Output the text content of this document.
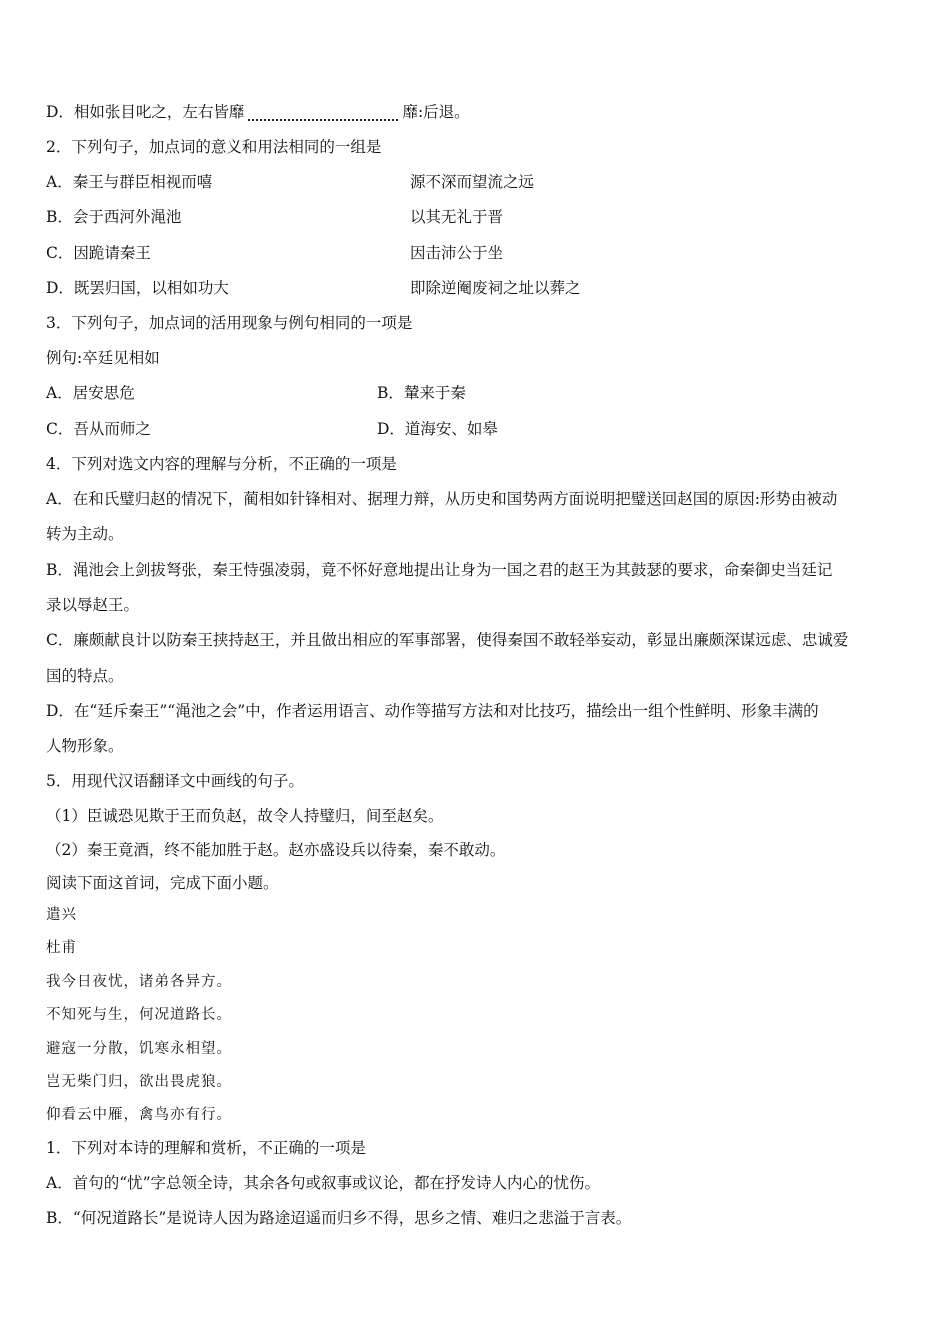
D．相如张目叱之，左右皆靡	靡:后退。
2．下列句子，加点词的意义和用法相同的一组是
A．秦王与群臣相视而嘻	源不深而望流之远
B．会于西河外渑池	以其无礼于晋
C．因跪请秦王	因击沛公于坐
D．既罢归国，以相如功大	即除逆阉废祠之址以葬之
3．下列句子，加点词的活用现象与例句相同的一项是
例句:卒廷见相如
A．居安思危	B．輦来于秦
C．吾从而师之	D．道海安、如皋
4．下列对选文内容的理解与分析，不正确的一项是
A．在和氏璧归赵的情况下，蔺相如针锋相对、据理力辩，从历史和国势两方面说明把璧送回赵国的原因:形势由被动
转为主动。
B．渑池会上剑拔弩张，秦王恃强凌弱，竟不怀好意地提出让身为一国之君的赵王为其鼓瑟的要求，命秦御史当廷记
录以辱赵王。
C．廉颇献良计以防秦王挟持赵王，并且做出相应的军事部署，使得秦国不敢轻举妄动，彰显出廉颇深谋远虑、忠诚爱
国的特点。
D．在“廷斥秦王”“渑池之会”中，作者运用语言、动作等描写方法和对比技巧，描绘出一组个性鲜明、形象丰满的
人物形象。
5．用现代汉语翻译文中画线的句子。
（1）臣诚恐见欺于王而负赵，故令人持璧归，间至赵矣。
（2）秦王竟酒，终不能加胜于赵。赵亦盛设兵以待秦，秦不敢动。
阅读下面这首词，完成下面小题。
遣兴
杜甫
我今日夜忧，诸弟各异方。
不知死与生，何况道路长。
避寇一分散，饥寒永相望。
岂无柴门归，欲出畏虎狼。
仰看云中雁，禽鸟亦有行。
1．下列对本诗的理解和赏析，不正确的一项是
A．首句的“忧”字总领全诗，其余各句或叙事或议论，都在抒发诗人内心的忧伤。
B．“何况道路长”是说诗人因为路途迢遥而归乡不得，思乡之情、难归之悲溢于言表。
